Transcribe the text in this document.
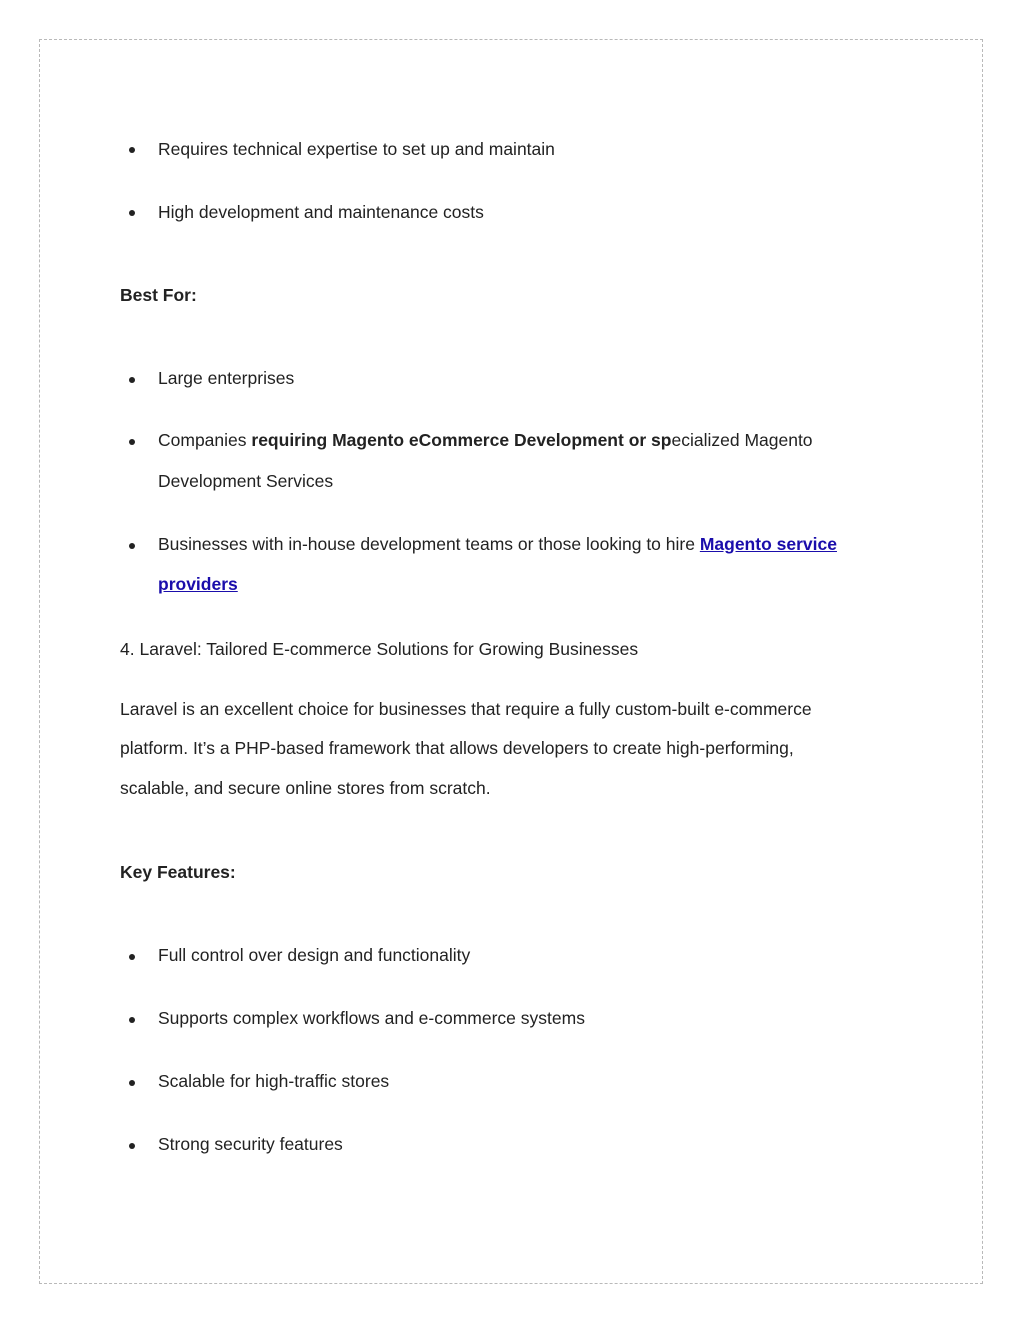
Requires technical expertise to set up and maintain
High development and maintenance costs
Best For:
Large enterprises
Companies requiring Magento eCommerce Development or specialized Magento
Development Services
Businesses with in-house development teams or those looking to hire Magento service
providers
4. Laravel: Tailored E-commerce Solutions for Growing Businesses
Laravel is an excellent choice for businesses that require a fully custom-built e-commerce
platform. It’s a PHP-based framework that allows developers to create high-performing,
scalable, and secure online stores from scratch.
Key Features:
Full control over design and functionality
Supports complex workflows and e-commerce systems
Scalable for high-traffic stores
Strong security features
